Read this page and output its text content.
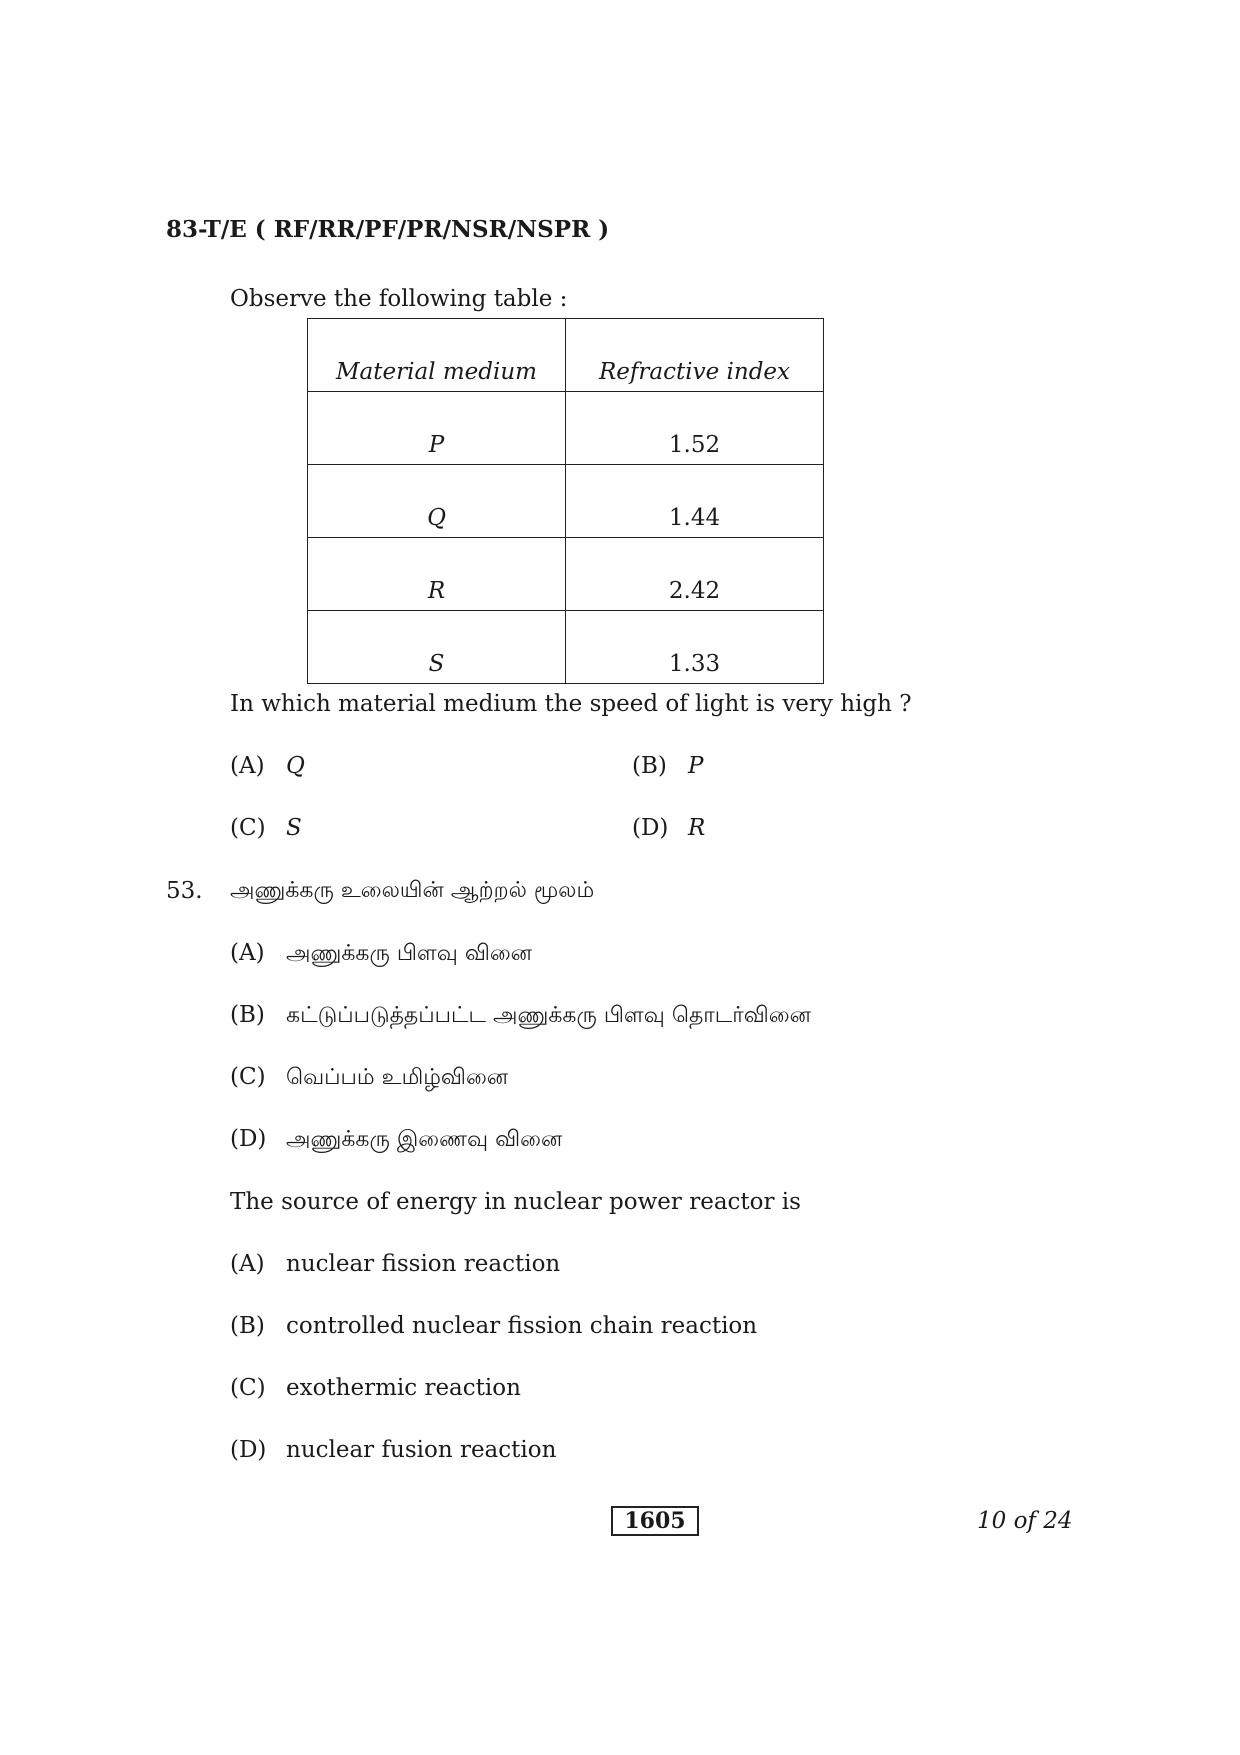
83-T/E ( RF/RR/PF/PR/NSR/NSPR )
Observe the following table :
Material medium	Refractive index
P	1.52
Q	1.44
R	2.42
S	1.33
In which material medium the speed of light is very high ?
(A) Q	(B) P
(C) S	(D) R
53. அணுக்கரு உலையின் ஆற்றல் மூலம்
(A) அணுக்கரு பிளவு வினை
(B) கட்டுப்படுத்தப்பட்ட அணுக்கரு பிளவு தொடர்வினை
(C) வெப்பம் உமிழ்வினை
(D) அணுக்கரு இணைவு வினை
The source of energy in nuclear power reactor is
(A) nuclear fission reaction
(B) controlled nuclear fission chain reaction
(C) exothermic reaction
(D) nuclear fusion reaction
1605	10 of 24
